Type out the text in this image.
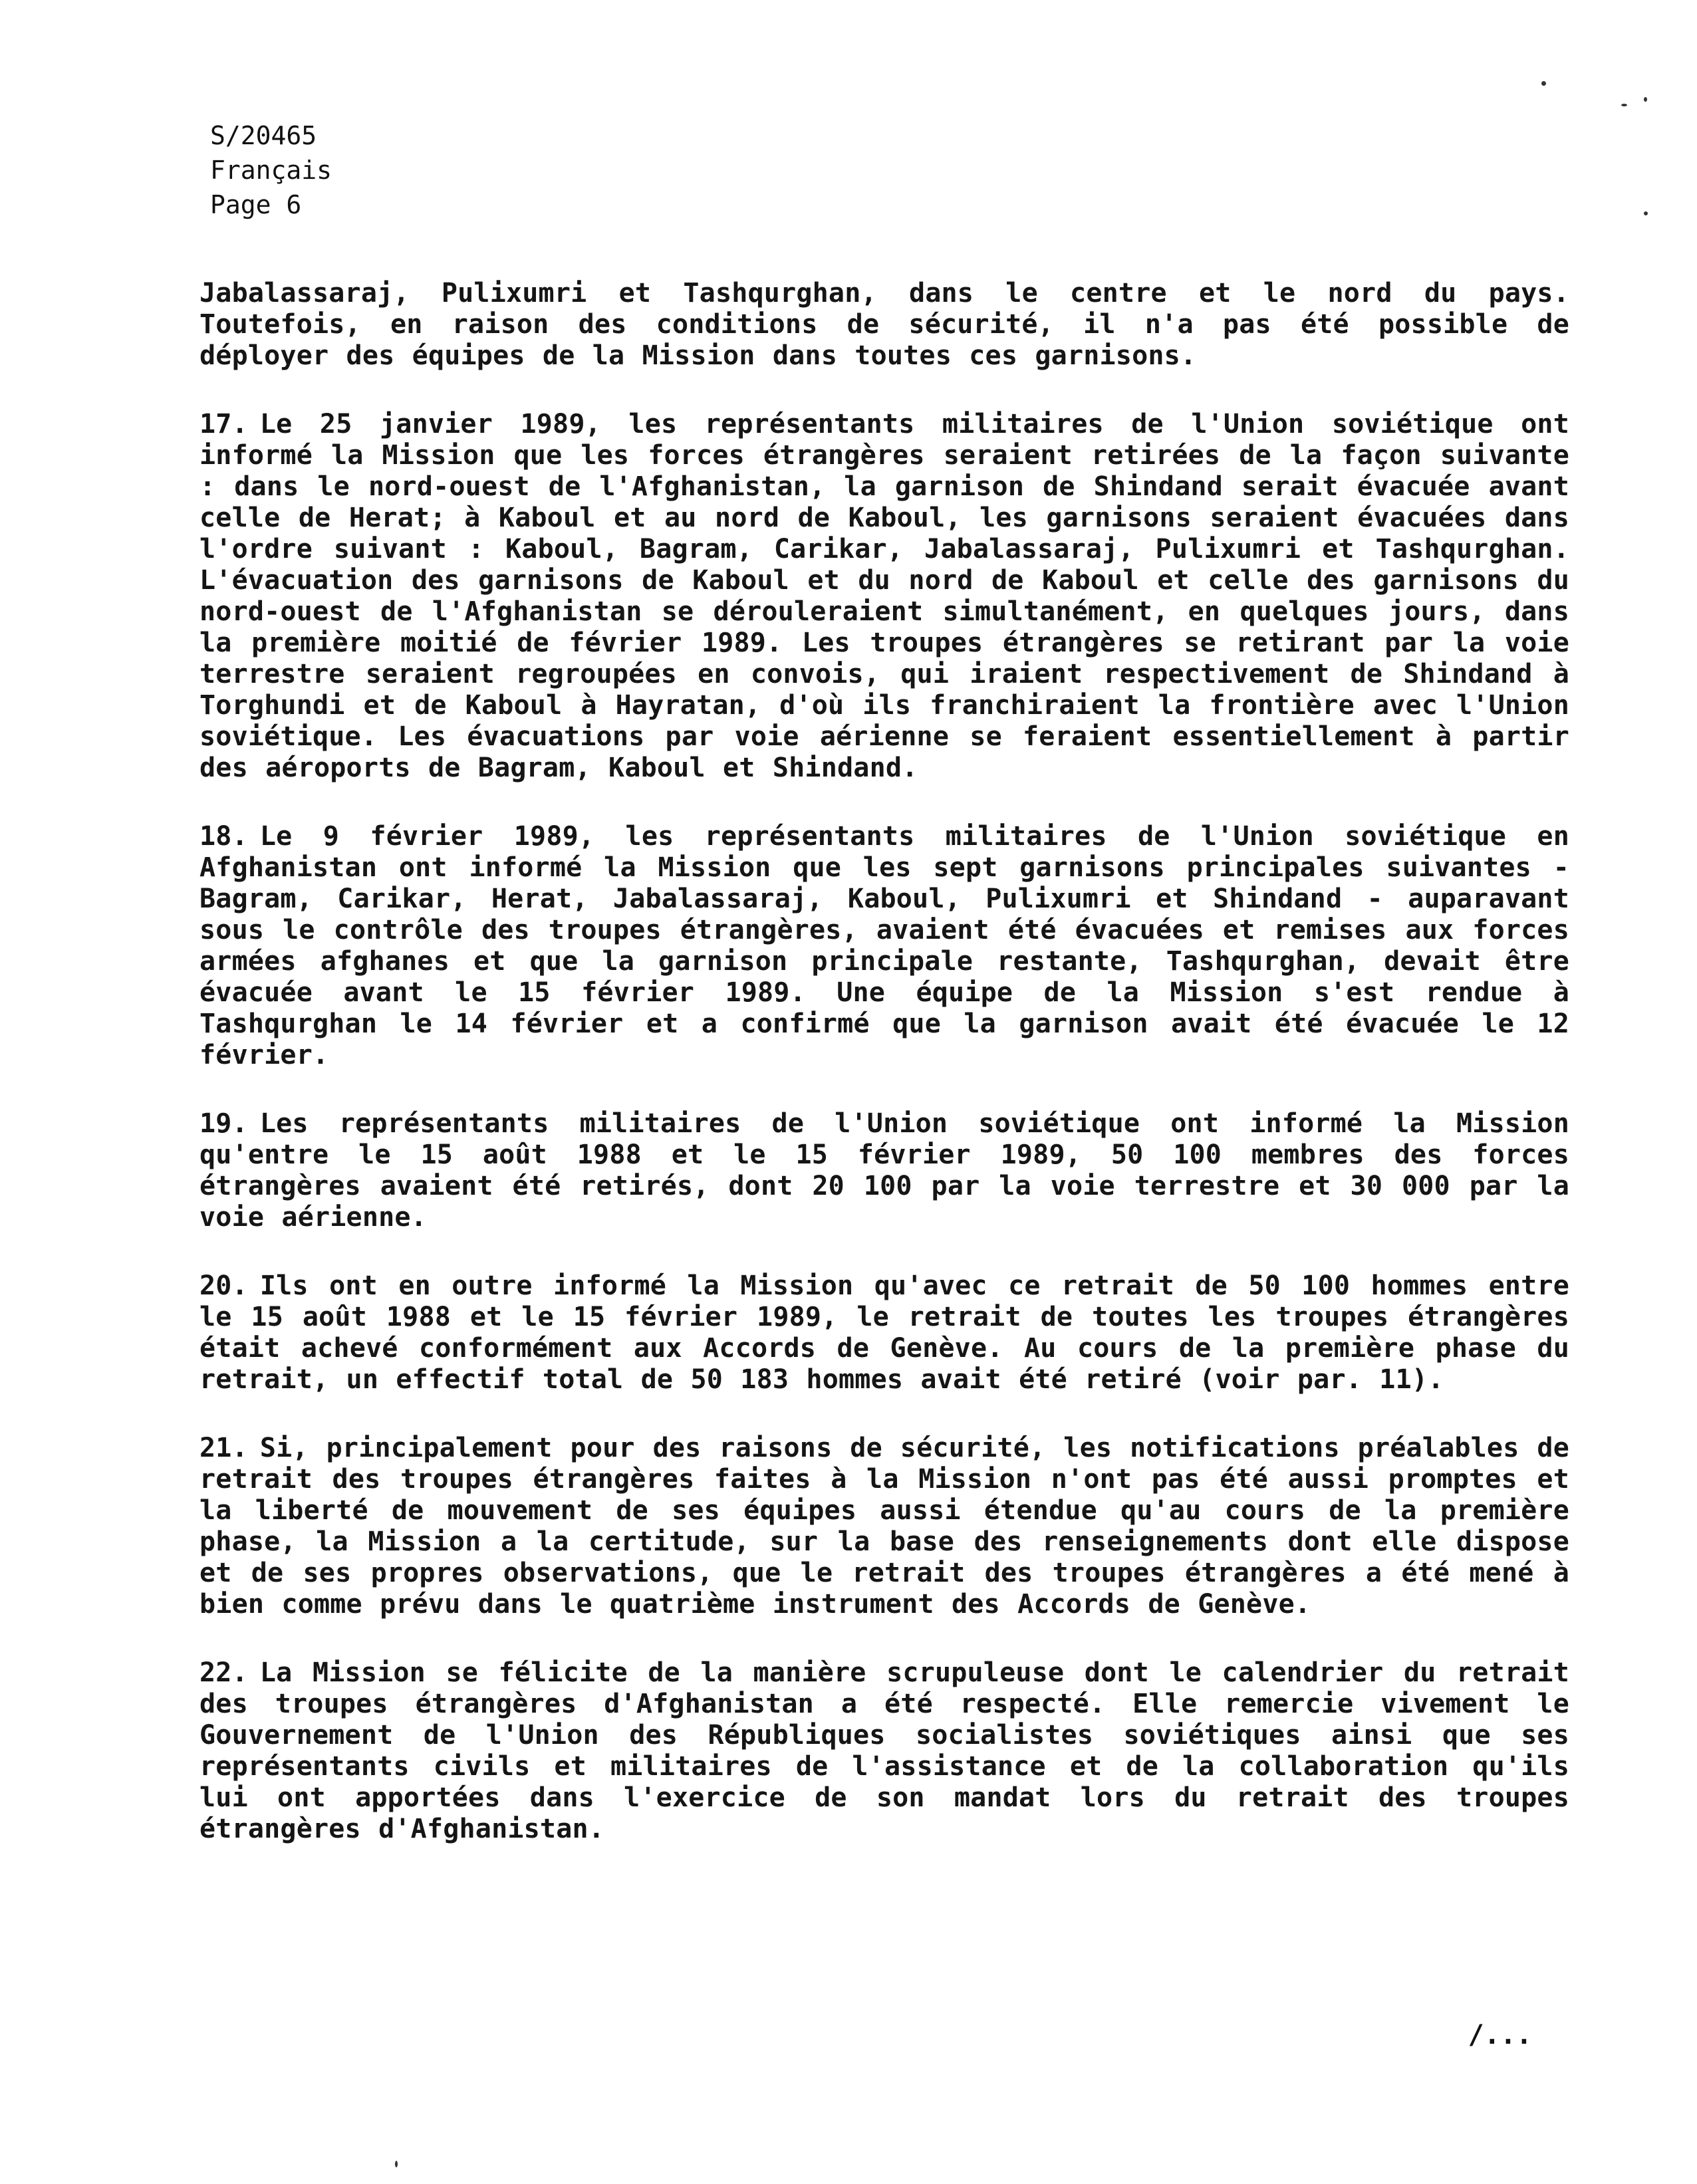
S/20465
Français
Page 6

Jabalassaraj, Pulixumri et Tashqurghan, dans le centre et le nord du pays. Toutefois, en raison des conditions de sécurité, il n'a pas été possible de déployer des équipes de la Mission dans toutes ces garnisons.

17. Le 25 janvier 1989, les représentants militaires de l'Union soviétique ont informé la Mission que les forces étrangères seraient retirées de la façon suivante : dans le nord-ouest de l'Afghanistan, la garnison de Shindand serait évacuée avant celle de Herat; à Kaboul et au nord de Kaboul, les garnisons seraient évacuées dans l'ordre suivant : Kaboul, Bagram, Carikar, Jabalassaraj, Pulixumri et Tashqurghan. L'évacuation des garnisons de Kaboul et du nord de Kaboul et celle des garnisons du nord-ouest de l'Afghanistan se dérouleraient simultanément, en quelques jours, dans la première moitié de février 1989. Les troupes étrangères se retirant par la voie terrestre seraient regroupées en convois, qui iraient respectivement de Shindand à Torghundi et de Kaboul à Hayratan, d'où ils franchiraient la frontière avec l'Union soviétique. Les évacuations par voie aérienne se feraient essentiellement à partir des aéroports de Bagram, Kaboul et Shindand.

18. Le 9 février 1989, les représentants militaires de l'Union soviétique en Afghanistan ont informé la Mission que les sept garnisons principales suivantes - Bagram, Carikar, Herat, Jabalassaraj, Kaboul, Pulixumri et Shindand - auparavant sous le contrôle des troupes étrangères, avaient été évacuées et remises aux forces armées afghanes et que la garnison principale restante, Tashqurghan, devait être évacuée avant le 15 février 1989. Une équipe de la Mission s'est rendue à Tashqurghan le 14 février et a confirmé que la garnison avait été évacuée le 12 février.

19. Les représentants militaires de l'Union soviétique ont informé la Mission qu'entre le 15 août 1988 et le 15 février 1989, 50 100 membres des forces étrangères avaient été retirés, dont 20 100 par la voie terrestre et 30 000 par la voie aérienne.

20. Ils ont en outre informé la Mission qu'avec ce retrait de 50 100 hommes entre le 15 août 1988 et le 15 février 1989, le retrait de toutes les troupes étrangères était achevé conformément aux Accords de Genève. Au cours de la première phase du retrait, un effectif total de 50 183 hommes avait été retiré (voir par. 11).

21. Si, principalement pour des raisons de sécurité, les notifications préalables de retrait des troupes étrangères faites à la Mission n'ont pas été aussi promptes et la liberté de mouvement de ses équipes aussi étendue qu'au cours de la première phase, la Mission a la certitude, sur la base des renseignements dont elle dispose et de ses propres observations, que le retrait des troupes étrangères a été mené à bien comme prévu dans le quatrième instrument des Accords de Genève.

22. La Mission se félicite de la manière scrupuleuse dont le calendrier du retrait des troupes étrangères d'Afghanistan a été respecté. Elle remercie vivement le Gouvernement de l'Union des Républiques socialistes soviétiques ainsi que ses représentants civils et militaires de l'assistance et de la collaboration qu'ils lui ont apportées dans l'exercice de son mandat lors du retrait des troupes étrangères d'Afghanistan.

/...
